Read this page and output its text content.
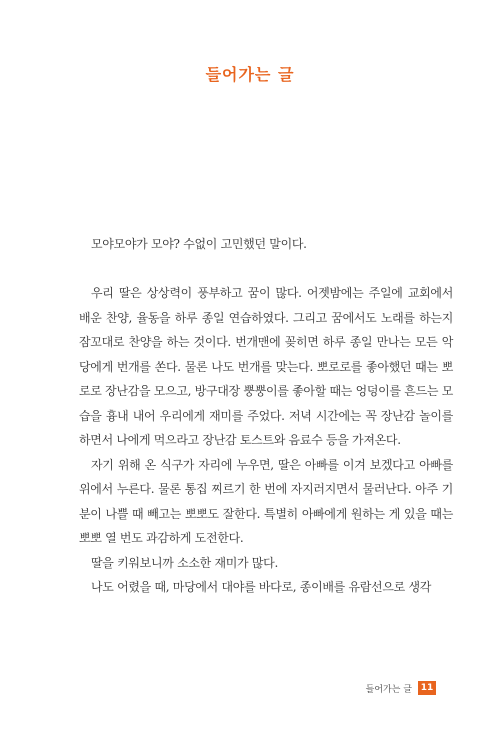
들어가는 글

모야모야가 모야? 수없이 고민했던 말이다.

우리 딸은 상상력이 풍부하고 꿈이 많다. 어젯밤에는 주일에 교회에서 배운 찬양, 율동을 하루 종일 연습하였다. 그리고 꿈에서도 노래를 하는지 잠꼬대로 찬양을 하는 것이다. 번개맨에 꽂히면 하루 종일 만나는 모든 악당에게 번개를 쏜다. 물론 나도 번개를 맞는다. 뽀로로를 좋아했던 때는 뽀로로 장난감을 모으고, 방구대장 뿡뿡이를 좋아할 때는 엉덩이를 흔드는 모습을 흉내 내어 우리에게 재미를 주었다. 저녁 시간에는 꼭 장난감 놀이를 하면서 나에게 먹으라고 장난감 토스트와 음료수 등을 가져온다.

자기 위해 온 식구가 자리에 누우면, 딸은 아빠를 이겨 보겠다고 아빠를 위에서 누른다. 물론 통집 찌르기 한 번에 자지러지면서 물러난다. 아주 기분이 나쁠 때 빼고는 뽀뽀도 잘한다. 특별히 아빠에게 원하는 게 있을 때는 뽀뽀 열 번도 과감하게 도전한다.

딸을 키워보니까 소소한 재미가 많다.

나도 어렸을 때, 마당에서 대야를 바다로, 종이배를 유람선으로 생각

들어가는 글 11
